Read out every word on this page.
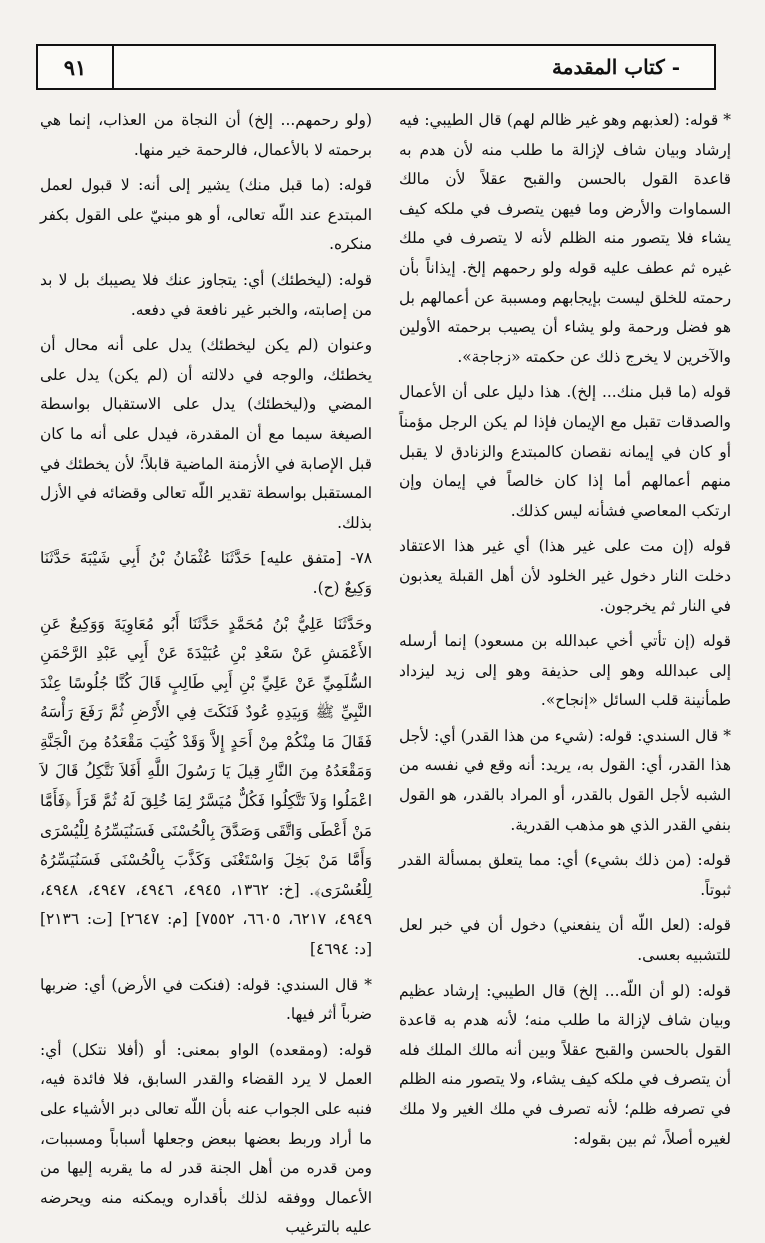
٩١	- كتاب المقدمة

* قوله: (لعذبهم وهو غير ظالم لهم) قال الطيبي: فيه إرشاد وبيان شاف لإزالة ما طلب منه لأن هدم به قاعدة القول بالحسن والقبح عقلاً لأن مالك السماوات والأرض وما فيهن يتصرف في ملكه كيف يشاء فلا يتصور منه الظلم لأنه لا يتصرف في ملك غيره ثم عطف عليه قوله ولو رحمهم إلخ. إيذاناً بأن رحمته للخلق ليست بإيجابهم ومسببة عن أعمالهم بل هو فضل ورحمة ولو يشاء أن يصيب برحمته الأولين والآخرين لا يخرج ذلك عن حكمته «زجاجة».

قوله (ما قبل منك... إلخ). هذا دليل على أن الأعمال والصدقات تقبل مع الإيمان فإذا لم يكن الرجل مؤمناً أو كان في إيمانه نقصان كالمبتدع والزنادق لا يقبل منهم أعمالهم أما إذا كان خالصاً في إيمان وإن ارتكب المعاصي فشأنه ليس كذلك.

قوله (إن مت على غير هذا) أي غير هذا الاعتقاد دخلت النار دخول غير الخلود لأن أهل القبلة يعذبون في النار ثم يخرجون.

قوله (إن تأتي أخي عبدالله بن مسعود) إنما أرسله إلى عبدالله وهو إلى حذيفة وهو إلى زيد ليزداد طمأنينة قلب السائل «إنجاح».

* قال السندي: قوله: (شيء من هذا القدر) أي: لأجل هذا القدر، أي: القول به، يريد: أنه وقع في نفسه من الشبه لأجل القول بالقدر، أو المراد بالقدر، هو القول بنفي القدر الذي هو مذهب القدرية.

قوله: (من ذلك بشيء) أي: مما يتعلق بمسألة القدر ثبوتاً.

قوله: (لعل اللّه أن ينفعني) دخول أن في خبر لعل للتشبيه بعسى.

قوله: (لو أن اللّه... إلخ) قال الطيبي: إرشاد عظيم وبيان شاف لإزالة ما طلب منه؛ لأنه هدم به قاعدة القول بالحسن والقبح عقلاً وبين أنه مالك الملك فله أن يتصرف في ملكه كيف يشاء، ولا يتصور منه الظلم في تصرفه ظلم؛ لأنه تصرف في ملك الغير ولا ملك لغيره أصلاً، ثم بين بقوله:

(ولو رحمهم... إلخ) أن النجاة من العذاب، إنما هي برحمته لا بالأعمال، فالرحمة خير منها.

قوله: (ما قبل منك) يشير إلى أنه: لا قبول لعمل المبتدع عند اللّه تعالى، أو هو مبنيّ على القول بكفر منكره.

قوله: (ليخطئك) أي: يتجاوز عنك فلا يصيبك بل لا بد من إصابته، والخبر غير نافعة في دفعه.

وعنوان (لم يكن ليخطئك) يدل على أنه محال أن يخطئك، والوجه في دلالته أن (لم يكن) يدل على المضي و(ليخطئك) يدل على الاستقبال بواسطة الصيغة سيما مع أن المقدرة، فيدل على أنه ما كان قبل الإصابة في الأزمنة الماضية قابلاً؛ لأن يخطئك في المستقبل بواسطة تقدير اللّه تعالى وقضائه في الأزل بذلك.

٧٨- [متفق عليه] حَدَّثَنَا عُثْمَانُ بْنُ أَبِي شَيْبَةَ حَدَّثَنَا وَكِيعٌ (ح).

وحَدَّثَنَا عَلِيُّ بْنُ مُحَمَّدٍ حَدَّثَنَا أَبُو مُعَاوِيَةَ وَوَكِيعٌ عَنِ الأَعْمَشِ عَنْ سَعْدِ بْنِ عُبَيْدَةَ عَنْ أَبِي عَبْدِ الرَّحْمَنِ السُّلَمِيِّ عَنْ عَلِيِّ بْنِ أَبِي طَالِبٍ قَالَ كُنَّا جُلُوسًا عِنْدَ النَّبِيِّ ﷺ وَبِيَدِهِ عُودٌ فَنَكَتَ فِي الأَرْضِ ثُمَّ رَفَعَ رَأْسَهُ فَقَالَ مَا مِنْكُمْ مِنْ أَحَدٍ إِلاَّ وَقَدْ كُتِبَ مَقْعَدُهُ مِنَ الْجَنَّةِ وَمَقْعَدُهُ مِنَ النَّارِ قِيلَ يَا رَسُولَ اللَّهِ أَفَلاَ نَتَّكِلُ قَالَ لاَ اعْمَلُوا وَلاَ تَتَّكِلُوا فَكُلٌّ مُيَسَّرٌ لِمَا خُلِقَ لَهُ ثُمَّ قَرَأَ ﴿فَأَمَّا مَنْ أَعْطَى وَاتَّقَى وَصَدَّقَ بِالْحُسْنَى فَسَنُيَسِّرُهُ لِلْيُسْرَى وَأَمَّا مَنْ بَخِلَ وَاسْتَغْنَى وَكَذَّبَ بِالْحُسْنَى فَسَنُيَسِّرُهُ لِلْعُسْرَى﴾. [خ: ١٣٦٢، ٤٩٤٥، ٤٩٤٦، ٤٩٤٧، ٤٩٤٨، ٤٩٤٩، ٦٢١٧، ٦٦٠٥، ٧٥٥٢] [م: ٢٦٤٧] [ت: ٢١٣٦] [د: ٤٦٩٤]

* قال السندي: قوله: (فنكت في الأرض) أي: ضربها ضرباً أثر فيها.

قوله: (ومقعده) الواو بمعنى: أو (أفلا نتكل) أي: العمل لا يرد القضاء والقدر السابق، فلا فائدة فيه، فنبه على الجواب عنه بأن اللّه تعالى دبر الأشياء على ما أراد وربط بعضها ببعض وجعلها أسباباً ومسببات، ومن قدره من أهل الجنة قدر له ما يقربه إليها من الأعمال ووفقه لذلك بأقداره ويمكنه منه ويحرضه عليه بالترغيب
